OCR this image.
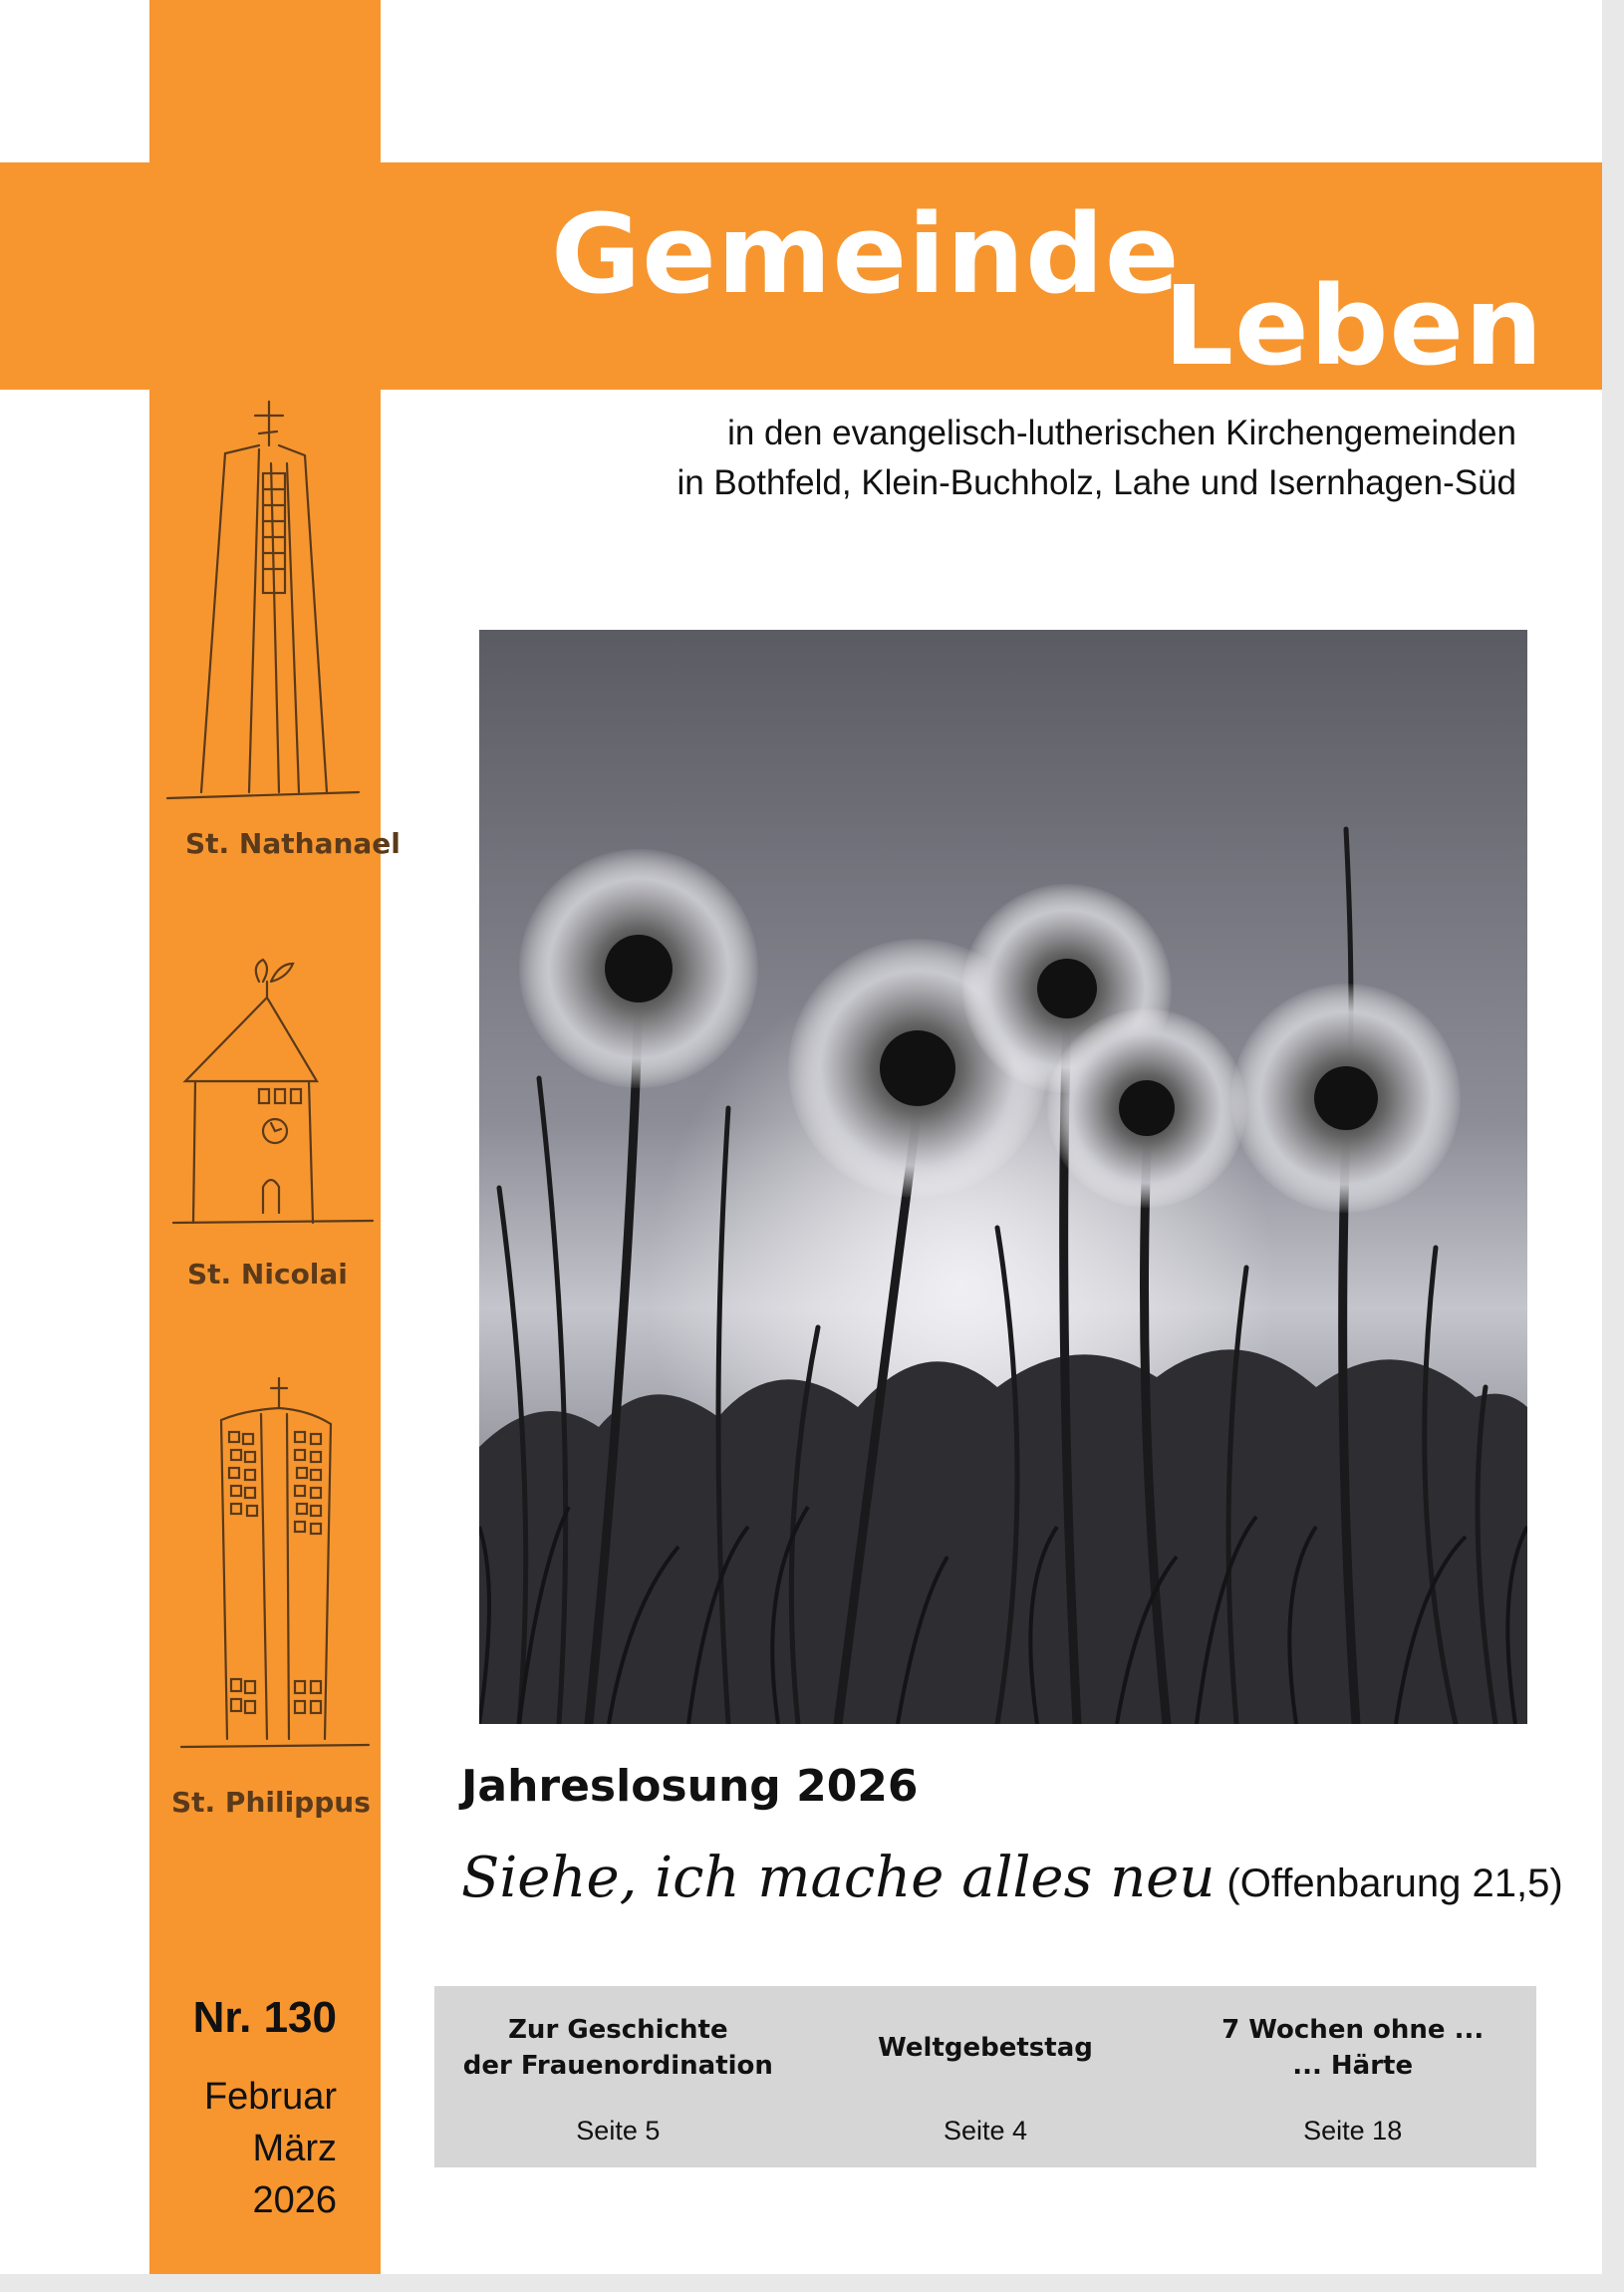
Gemeinde
Leben
in den evangelisch-lutherischen Kirchengemeinden
in Bothfeld, Klein-Buchholz, Lahe und Isernhagen-Süd
St. Nathanael
St. Nicolai
St. Philippus Jahreslosung 2026
Siehe, ich mache alles neu (Offenbarung 21,5)
Nr. 130
Februar
März
2026
Zur Geschichte
der Frauenordination
Seite 5
Weltgebetstag
Seite 4
7 Wochen ohne ...
... Härte
Seite 18
